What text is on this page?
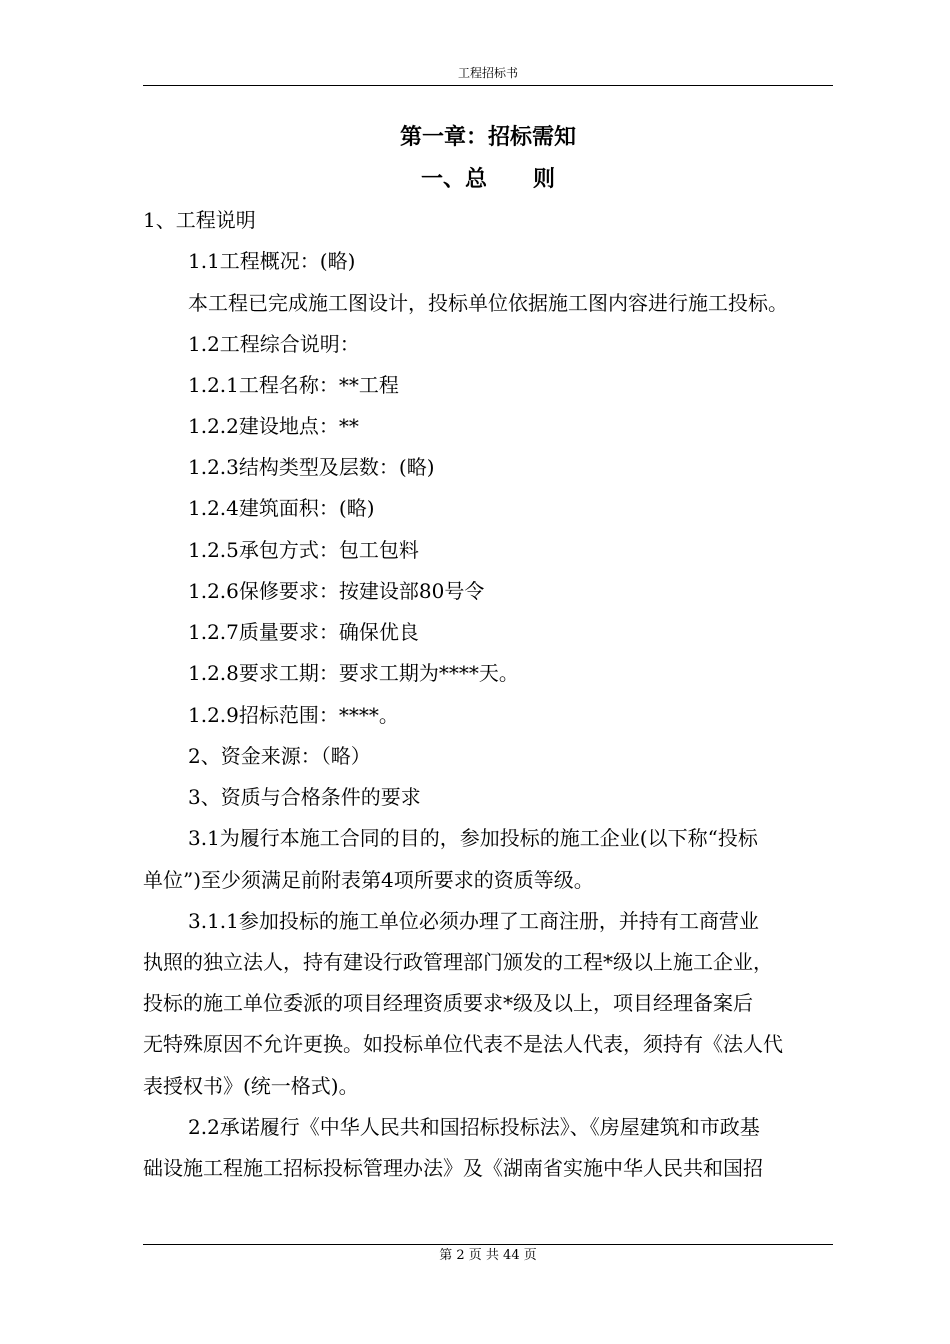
工程招标书
第一章：招标需知
一、总      则
1、工程说明
1.1工程概况：(略)
本工程已完成施工图设计，投标单位依据施工图内容进行施工投标。
1.2工程综合说明：
1.2.1工程名称：**工程
1.2.2建设地点：**
1.2.3结构类型及层数：(略)
1.2.4建筑面积：(略)
1.2.5承包方式：包工包料
1.2.6保修要求：按建设部80号令
1.2.7质量要求：确保优良
1.2.8要求工期：要求工期为****天。
1.2.9招标范围：****。
2、资金来源：（略）
3、资质与合格条件的要求
3.1为履行本施工合同的目的，参加投标的施工企业(以下称“投标
单位”)至少须满足前附表第4项所要求的资质等级。
3.1.1参加投标的施工单位必须办理了工商注册，并持有工商营业
执照的独立法人，持有建设行政管理部门颁发的工程*级以上施工企业，
投标的施工单位委派的项目经理资质要求*级及以上，项目经理备案后
无特殊原因不允许更换。如投标单位代表不是法人代表，须持有《法人代
表授权书》(统一格式)。
2.2承诺履行《中华人民共和国招标投标法》、《房屋建筑和市政基
础设施工程施工招标投标管理办法》及《湖南省实施中华人民共和国招
第 2 页 共 44 页
